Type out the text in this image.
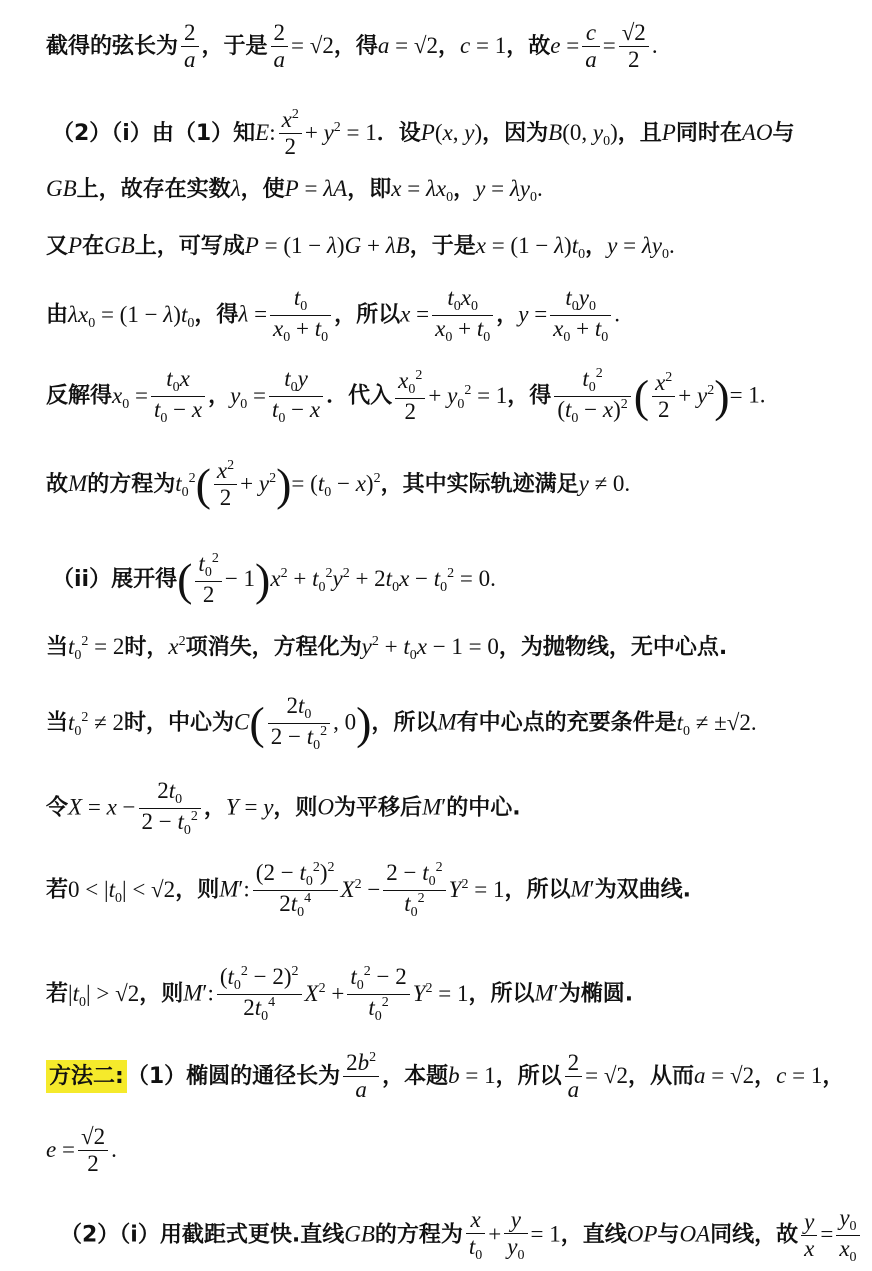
截得的弦长为 $\frac{2}{a}$ ，于是 $\frac{2}{a} = √2$，得a = √2，c = 1，故$e = \frac{c}{a} = \frac{√2}{2}$ .
（2）（i）由（1）知E: $\frac{x^2}{2} + y^2 = 1$．设P(x, y)，因为B(0, $y_0$)，且P同时在AO与
GB上，故存在实数λ，使P = λA，即$x = \lambda x_0$，$y = \lambda y_0$.
又P在GB上，可写成P = (1 − λ)G + λB，于是$x = (1 - \lambda)t_0$，$y = \lambda y_0$.
由$\lambda x_0 = (1 - \lambda)t_0$，得$\lambda = \frac{t_0}{x_0 + t_0}$ ，所以$x = \frac{t_0x_0}{x_0 + t_0}$ ，$y = \frac{t_0y_0}{x_0 + t_0}$ .
反解得$x_0 = \frac{t_0x}{t_0 - x}$ ，$y_0 = \frac{t_0y}{t_0 - x}$ ．代入 $\frac{x_0^2}{2} + y_0^2 = 1$，得 $\frac{t_0^2}{(t_0 - x)^2}$ ( $\frac{x^2}{2} + y^2)= 1$.
故M的方程为$t_0^2( \frac{x^2}{2} + y^2)= (t_0 - x)^2$，其中实际轨迹满足y ≠ 0.
（ii）展开得( $\frac{t_0^2}{2} - 1)x^2 + t_0^2y^2 + 2t_0x - t_0^2 = 0$.
当$t_0^2 = 2$时，$x^2$项消失，方程化为$y^2 + t_0x - 1 = 0$，为抛物线，无中心点.
当$t_0^2 \ne 2$时，中心为$C( \frac{2t_0}{2 - t_0^2}$ , 0)，所以M有中心点的充要条件是$t_0 \ne \pm√2$.
令$X = x - \frac{2t_0}{2 - t_0^2}$ ，Y = y，则O为平移后M′的中心.
若$0 < |t_0| < √2$，则M′: $\frac{(2 - t_0^2)^2}{2t_0^4} X^2 - \frac{2 - t_0^2}{t_0^2} Y^2 = 1$，所以M′为双曲线.
若$|t_0| > √2$，则M′: $\frac{(t_0^2 - 2)^2}{2t_0^4} X^2 + \frac{t_0^2 - 2}{t_0^2} Y^2 = 1$，所以M′为椭圆.
方法二: （1）椭圆的通径长为 $\frac{2b^2}{a}$ ，本题b = 1，所以 $\frac{2}{a} = √2$，从而a = √2，c = 1，
$e = \frac{√2}{2}$ .
（2）（i）用截距式更快.直线GB的方程为 $\frac{x}{t_0} + \frac{y}{y_0} = 1$，直线OP与OA同线，故 $\frac{y}{x} = \frac{y_0}{x_0}$
